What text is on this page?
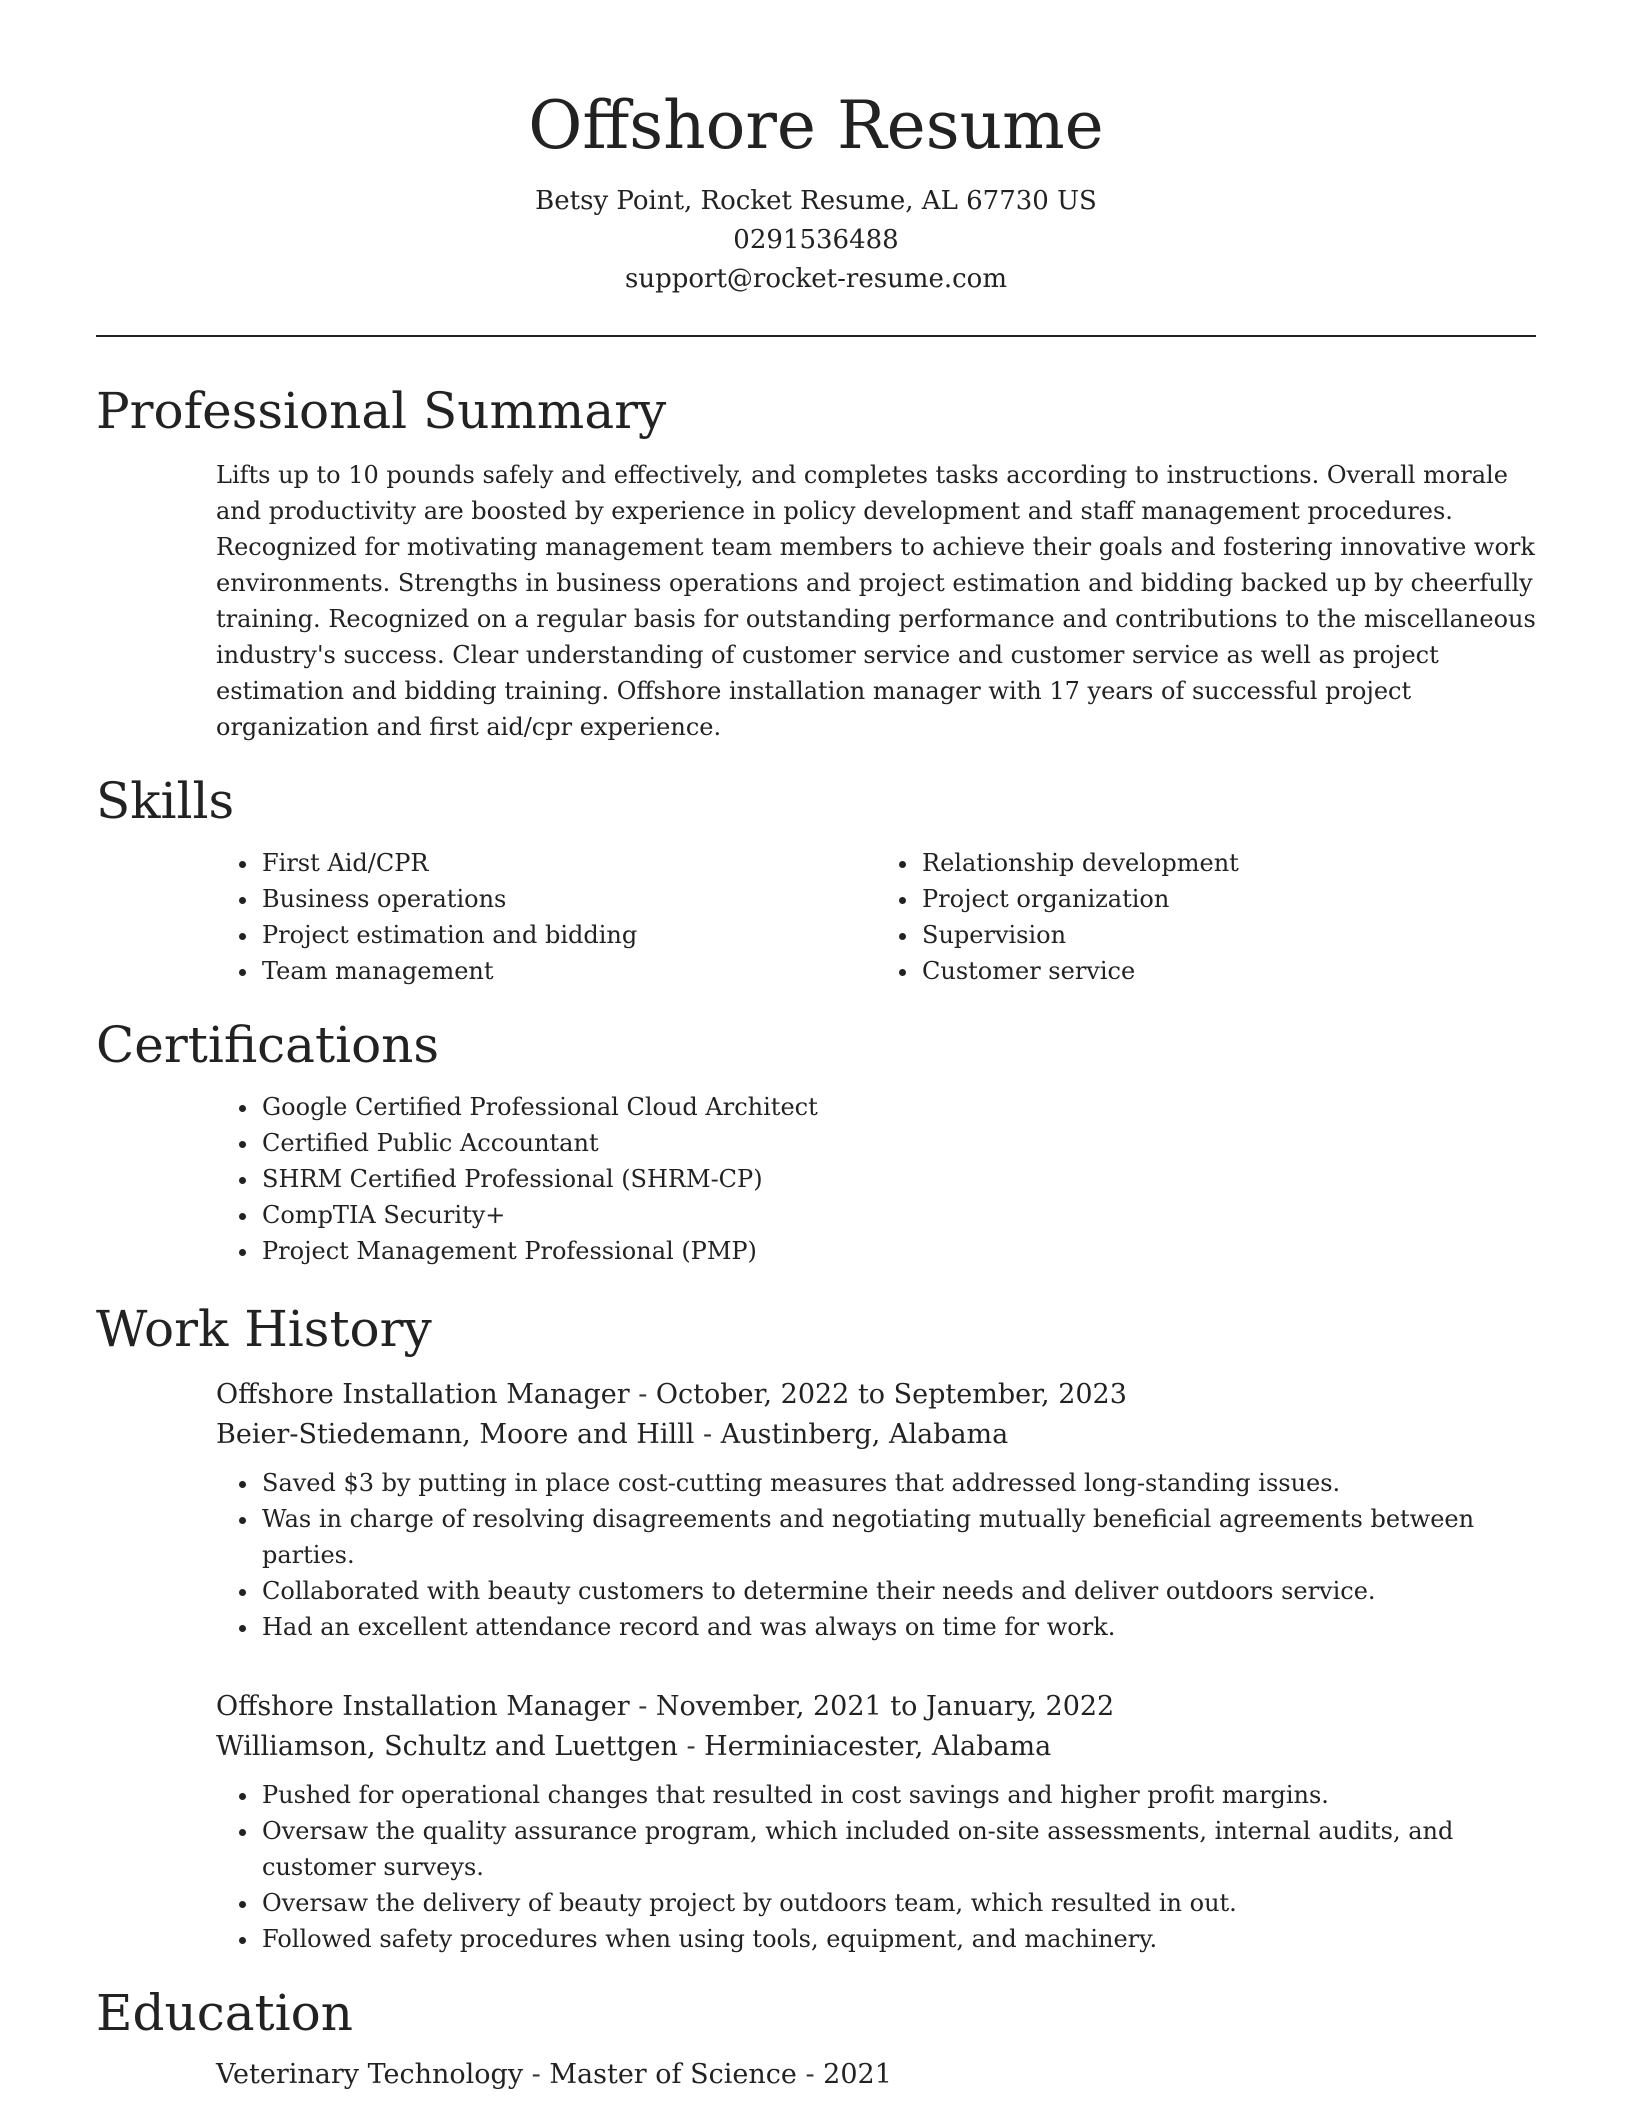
Offshore Resume
Betsy Point, Rocket Resume, AL 67730 US
0291536488
support@rocket-resume.com
Professional Summary
Lifts up to 10 pounds safely and effectively, and completes tasks according to instructions. Overall morale and productivity are boosted by experience in policy development and staff management procedures. Recognized for motivating management team members to achieve their goals and fostering innovative work environments. Strengths in business operations and project estimation and bidding backed up by cheerfully training. Recognized on a regular basis for outstanding performance and contributions to the miscellaneous industry's success. Clear understanding of customer service and customer service as well as project estimation and bidding training. Offshore installation manager with 17 years of successful project organization and first aid/cpr experience.
Skills
• First Aid/CPR
• Business operations
• Project estimation and bidding
• Team management
• Relationship development
• Project organization
• Supervision
• Customer service
Certifications
• Google Certified Professional Cloud Architect
• Certified Public Accountant
• SHRM Certified Professional (SHRM-CP)
• CompTIA Security+
• Project Management Professional (PMP)
Work History
Offshore Installation Manager - October, 2022 to September, 2023
Beier-Stiedemann, Moore and Hilll - Austinberg, Alabama
• Saved $3 by putting in place cost-cutting measures that addressed long-standing issues.
• Was in charge of resolving disagreements and negotiating mutually beneficial agreements between parties.
• Collaborated with beauty customers to determine their needs and deliver outdoors service.
• Had an excellent attendance record and was always on time for work.
Offshore Installation Manager - November, 2021 to January, 2022
Williamson, Schultz and Luettgen - Herminiacester, Alabama
• Pushed for operational changes that resulted in cost savings and higher profit margins.
• Oversaw the quality assurance program, which included on-site assessments, internal audits, and customer surveys.
• Oversaw the delivery of beauty project by outdoors team, which resulted in out.
• Followed safety procedures when using tools, equipment, and machinery.
Education
Veterinary Technology - Master of Science - 2021
